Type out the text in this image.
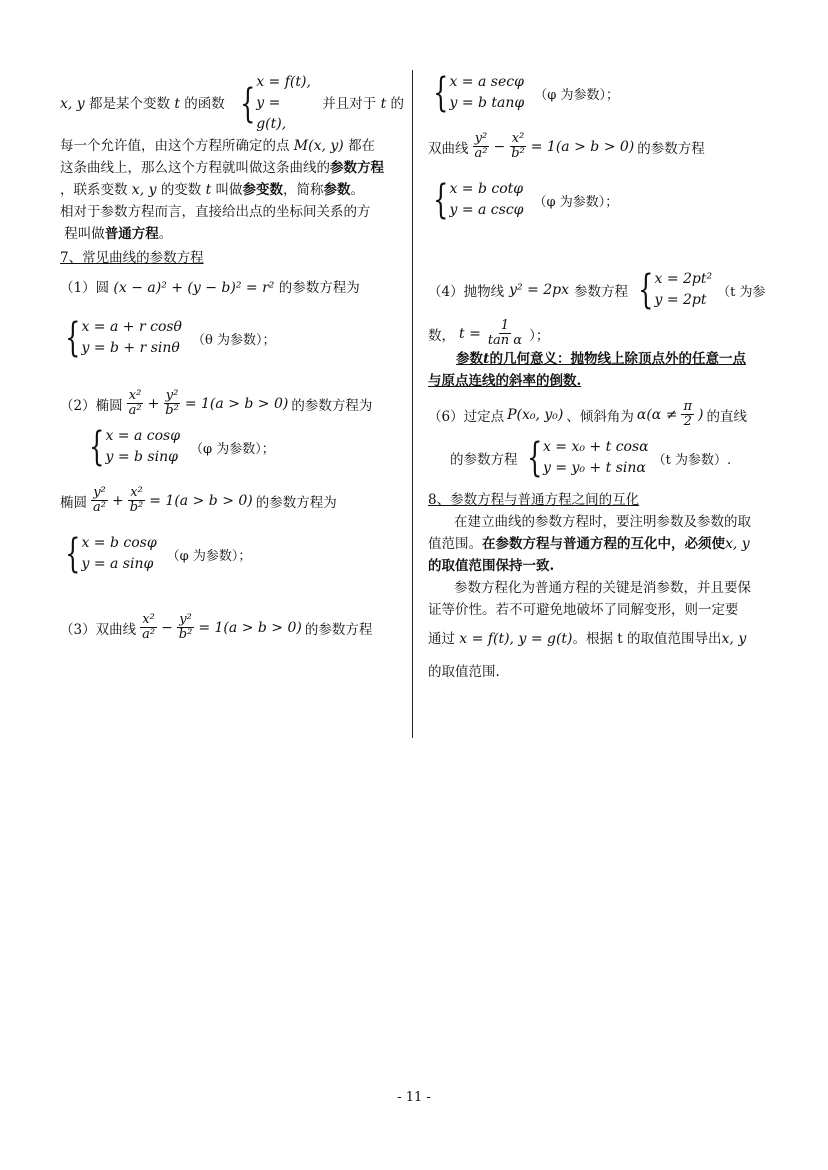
x, y 都是某个变数 t 的函数 { x = f(t),
y = g(t),
并且对于 t 的
每一个允许值，由这个方程所确定的点 M(x, y) 都在
这条曲线上，那么这个方程就叫做这条曲线的参数方程
，联系变数 x, y 的变数 t 叫做参变数，简称参数。
相对于参数方程而言，直接给出点的坐标间关系的方
程叫做普通方程。
7、常见曲线的参数方程
（1）圆 (x − a)² + (y − b)² = r² 的参数方程为
{ x = a + r cosθ
y = b + r sinθ （θ 为参数）；
（2）椭圆 $\frac{\text{x²}}{\text{a²}} + \frac{\text{y²}}{\text{b²}} = 1(a > b > 0)$ 的参数方程为
{ x = a cosφ
y = b sinφ （φ 为参数）；
椭圆 $\frac{\text{y²}}{\text{a²}} + \frac{\text{x²}}{\text{b²}} = 1(a > b > 0)$ 的参数方程为
{ x = b cosφ
y = a sinφ （φ 为参数）；
（3）双曲线 $\frac{\text{x²}}{\text{a²}} - \frac{\text{y²}}{\text{b²}} = 1(a > b > 0)$ 的参数方程
{ x = a secφ
y = b tanφ （φ 为参数）；
双曲线 $\frac{\text{y²}}{\text{a²}} - \frac{\text{x²}}{\text{b²}} = 1(a > b > 0)$ 的参数方程
{ x = b cotφ
y = a cscφ （φ 为参数）；
（4）抛物线 y² = 2px 参数方程 { x = 2pt²
y = 2pt （t 为参
数， $t = \frac{1}{\text{tan α}}$ ）；
参数t的几何意义：抛物线上除顶点外的任意一点
与原点连线的斜率的倒数.
（6）过定点 P(x₀, y₀) 、倾斜角为 $\alpha(\alpha \ne \frac{\pi}{2}$ ) 的直线
的参数方程 { x = x₀ + t cosα
y = y₀ + t sinα （t 为参数）.
8、参数方程与普通方程之间的互化
在建立曲线的参数方程时，要注明参数及参数的取
值范围。在参数方程与普通方程的互化中，必须使x, y
的取值范围保持一致.
参数方程化为普通方程的关键是消参数，并且要保
证等价性。若不可避免地破坏了同解变形，则一定要
通过 x = f(t), y = g(t)。根据 t 的取值范围导出x, y
的取值范围.
- 11 -
